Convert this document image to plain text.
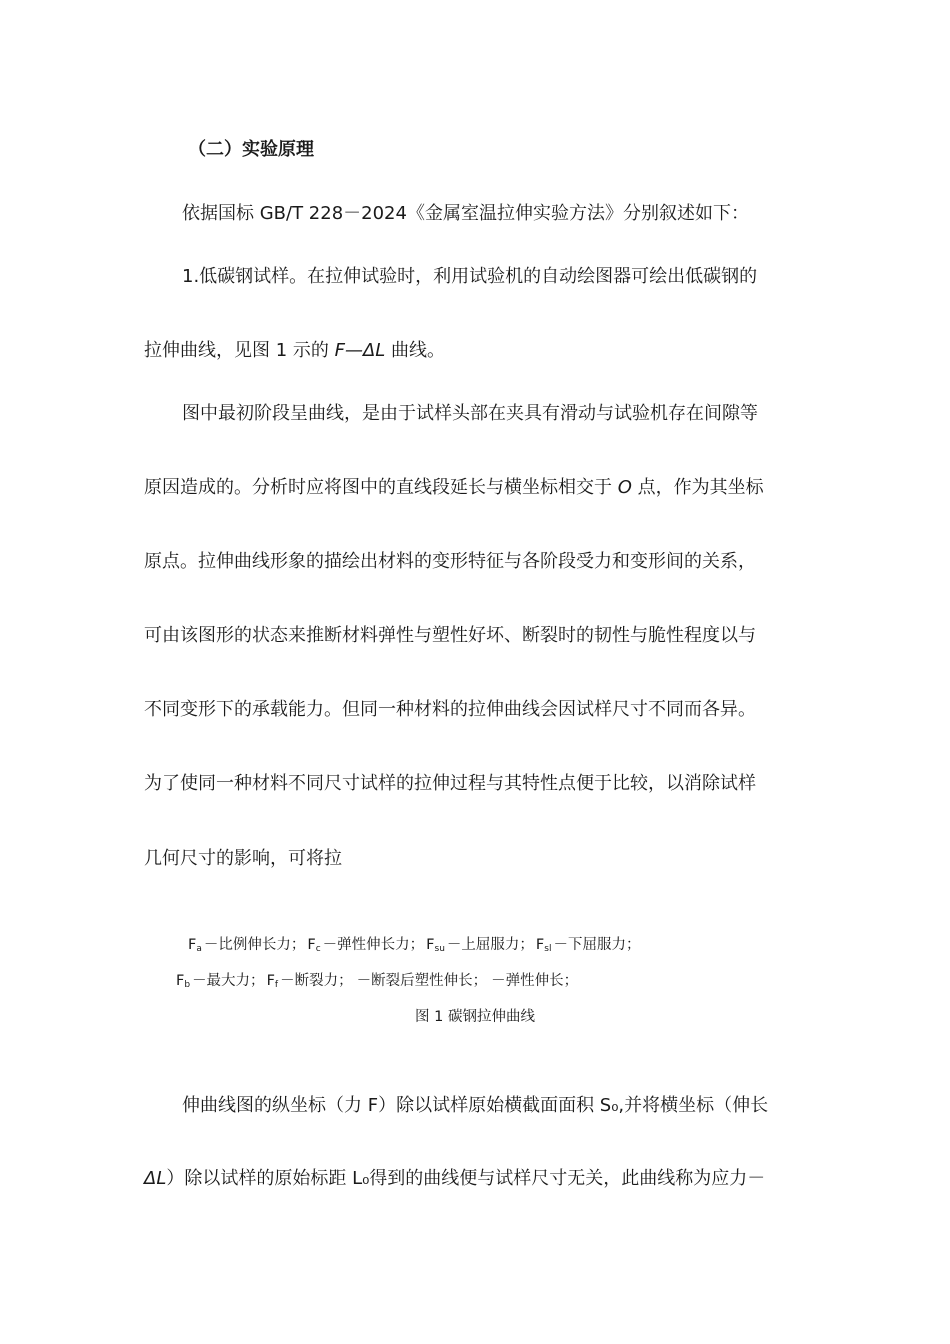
（二）实验原理

依据国标 GB/T 228－2024《金属室温拉伸实验方法》分别叙述如下：

1.低碳钢试样。在拉伸试验时，利用试验机的自动绘图器可绘出低碳钢的

拉伸曲线，见图 1 示的 F—ΔL 曲线。

图中最初阶段呈曲线，是由于试样头部在夹具有滑动与试验机存在间隙等

原因造成的。分析时应将图中的直线段延长与横坐标相交于 O 点，作为其坐标

原点。拉伸曲线形象的描绘出材料的变形特征与各阶段受力和变形间的关系，

可由该图形的状态来推断材料弹性与塑性好坏、断裂时的韧性与脆性程度以与

不同变形下的承载能力。但同一种材料的拉伸曲线会因试样尺寸不同而各异。

为了使同一种材料不同尺寸试样的拉伸过程与其特性点便于比较，以消除试样

几何尺寸的影响，可将拉

$F_a$ －比例伸长力； $F_c$ －弹性伸长力； $F_{su}$ －上屈服力； $F_{sl}$ －下屈服力；

$F_b$ －最大力； $F_f$ －断裂力； －断裂后塑性伸长； －弹性伸长；

图 1 碳钢拉伸曲线

伸曲线图的纵坐标（力 F）除以试样原始横截面面积 S₀,并将横坐标（伸长

ΔL）除以试样的原始标距 L₀得到的曲线便与试样尺寸无关，此曲线称为应力－
